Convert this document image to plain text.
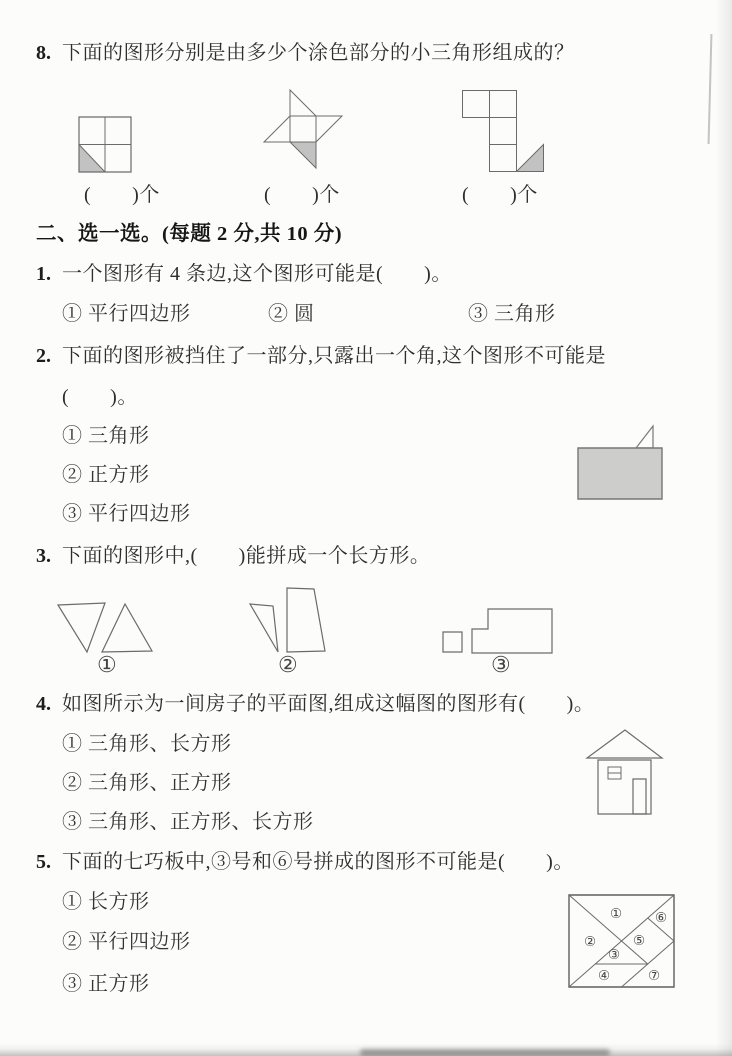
8. 下面的图形分别是由多少个涂色部分的小三角形组成的？
(　　)个	(　　)个	(　　)个
二、选一选。(每题 2 分,共 10 分)
1. 一个图形有 4 条边,这个图形可能是(　　)。
① 平行四边形	② 圆	③ 三角形
2. 下面的图形被挡住了一部分,只露出一个角,这个图形不可能是
(　　)。
① 三角形
② 正方形
③ 平行四边形
3. 下面的图形中,(　　)能拼成一个长方形。
①	②	③
4. 如图所示为一间房子的平面图,组成这幅图的图形有(　　)。
① 三角形、长方形
② 三角形、正方形
③ 三角形、正方形、长方形
5. 下面的七巧板中,③号和⑥号拼成的图形不可能是(　　)。
① 长方形
② 平行四边形
③ 正方形
①
②
③
④
⑤
⑥
⑦
